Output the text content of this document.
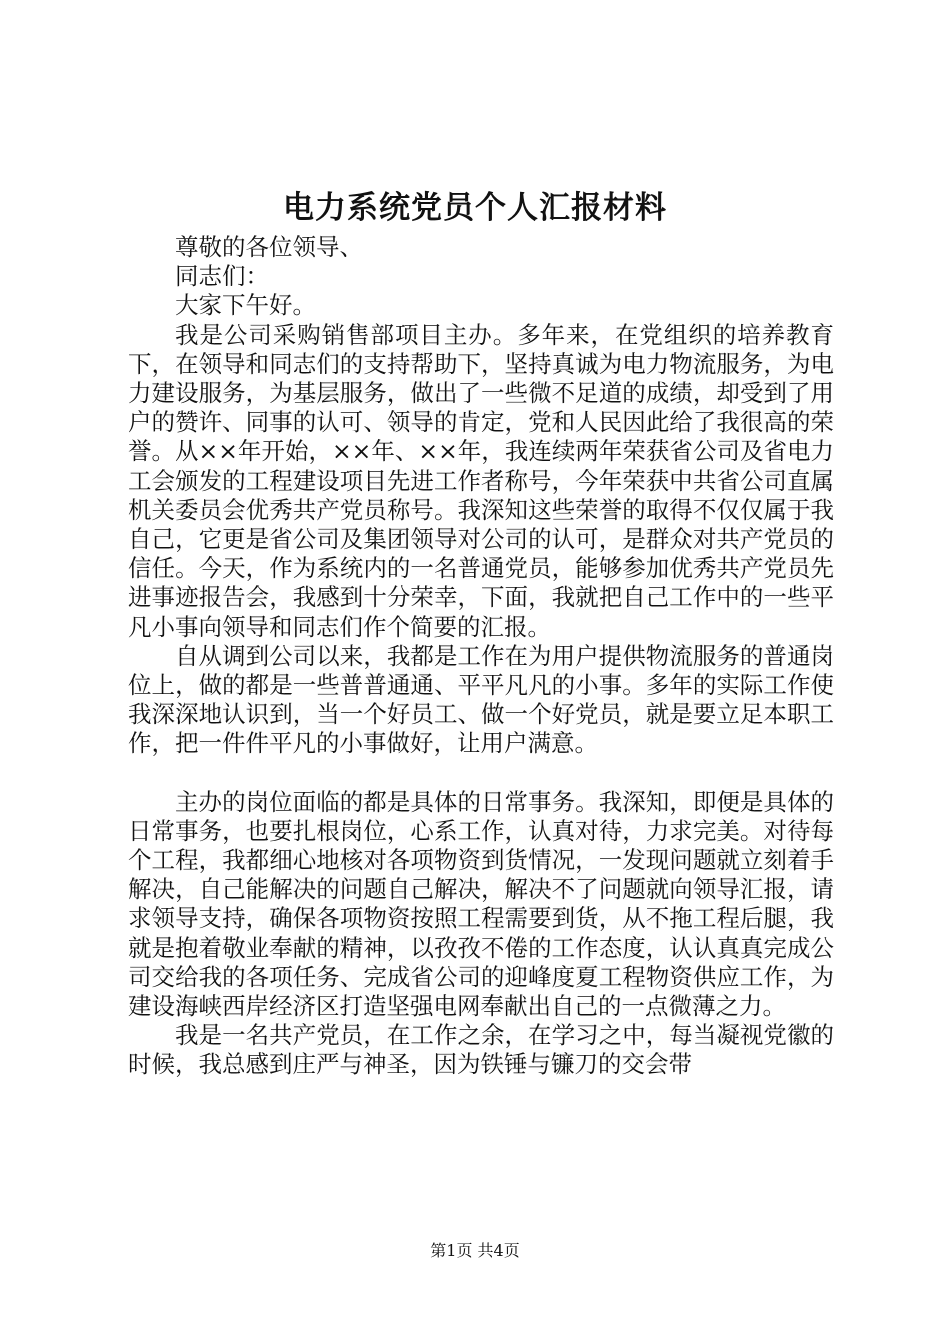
电力系统党员个人汇报材料

尊敬的各位领导、

同志们：

大家下午好。

我是公司采购销售部项目主办。多年来，在党组织的培养教育下，在领导和同志们的支持帮助下，坚持真诚为电力物流服务，为电力建设服务，为基层服务，做出了一些微不足道的成绩，却受到了用户的赞许、同事的认可、领导的肯定，党和人民因此给了我很高的荣誉。从××年开始，××年、××年，我连续两年荣获省公司及省电力工会颁发的工程建设项目先进工作者称号，今年荣获中共省公司直属机关委员会优秀共产党员称号。我深知这些荣誉的取得不仅仅属于我自己，它更是省公司及集团领导对公司的认可，是群众对共产党员的信任。今天，作为系统内的一名普通党员，能够参加优秀共产党员先进事迹报告会，我感到十分荣幸，下面，我就把自己工作中的一些平凡小事向领导和同志们作个简要的汇报。

自从调到公司以来，我都是工作在为用户提供物流服务的普通岗位上，做的都是一些普普通通、平平凡凡的小事。多年的实际工作使我深深地认识到，当一个好员工、做一个好党员，就是要立足本职工作，把一件件平凡的小事做好，让用户满意。

主办的岗位面临的都是具体的日常事务。我深知，即便是具体的日常事务，也要扎根岗位，心系工作，认真对待，力求完美。对待每个工程，我都细心地核对各项物资到货情况，一发现问题就立刻着手解决，自己能解决的问题自己解决，解决不了问题就向领导汇报，请求领导支持，确保各项物资按照工程需要到货，从不拖工程后腿，我就是抱着敬业奉献的精神，以孜孜不倦的工作态度，认认真真完成公司交给我的各项任务、完成省公司的迎峰度夏工程物资供应工作，为建设海峡西岸经济区打造坚强电网奉献出自己的一点微薄之力。

我是一名共产党员，在工作之余，在学习之中，每当凝视党徽的时候，我总感到庄严与神圣，因为铁锤与镰刀的交会带

第1页 共4页
